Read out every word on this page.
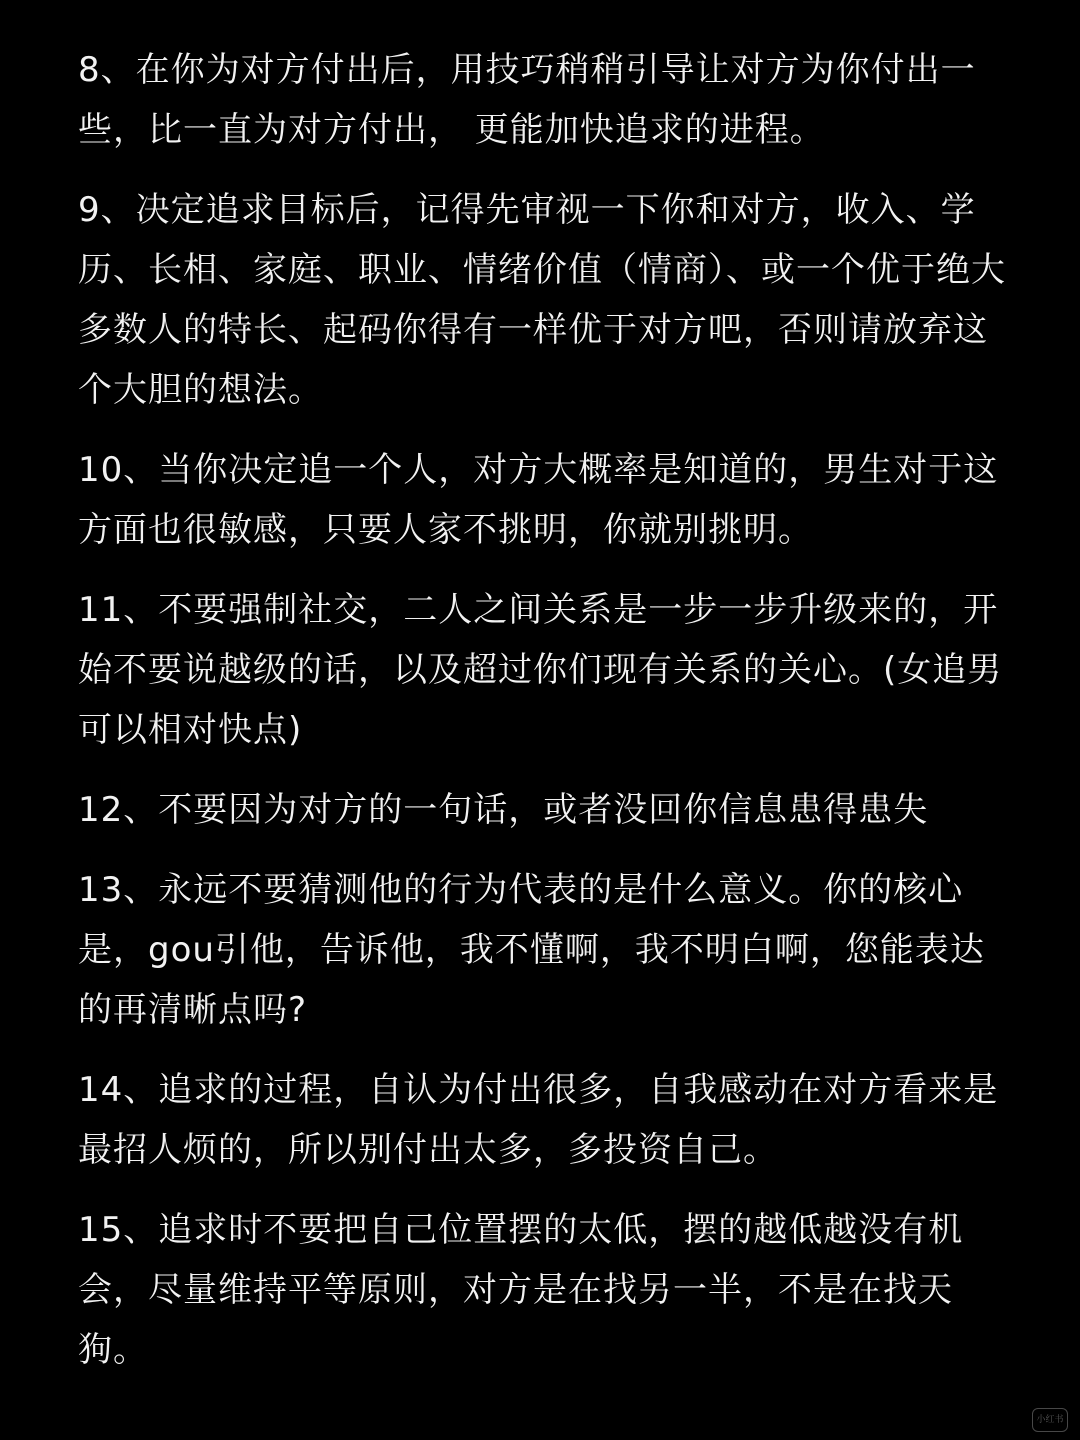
8、在你为对方付出后，用技巧稍稍引导让对方为你付出一些，比一直为对方付出， 更能加快追求的进程。

9、决定追求目标后，记得先审视一下你和对方，收入、学历、长相、家庭、职业、情绪价值（情商）、或一个优于绝大多数人的特长、起码你得有一样优于对方吧，否则请放弃这个大胆的想法。

10、当你决定追一个人，对方大概率是知道的，男生对于这方面也很敏感，只要人家不挑明，你就别挑明。

11、不要强制社交，二人之间关系是一步一步升级来的，开始不要说越级的话，以及超过你们现有关系的关心。(女追男可以相对快点)

12、不要因为对方的一句话，或者没回你信息患得患失

13、永远不要猜测他的行为代表的是什么意义。你的核心是，gou引他，告诉他，我不懂啊，我不明白啊，您能表达的再清晰点吗?

14、追求的过程，自认为付出很多，自我感动在对方看来是最招人烦的，所以别付出太多，多投资自己。

15、追求时不要把自己位置摆的太低，摆的越低越没有机会，尽量维持平等原则，对方是在找另一半，不是在找天狗。

小红书
